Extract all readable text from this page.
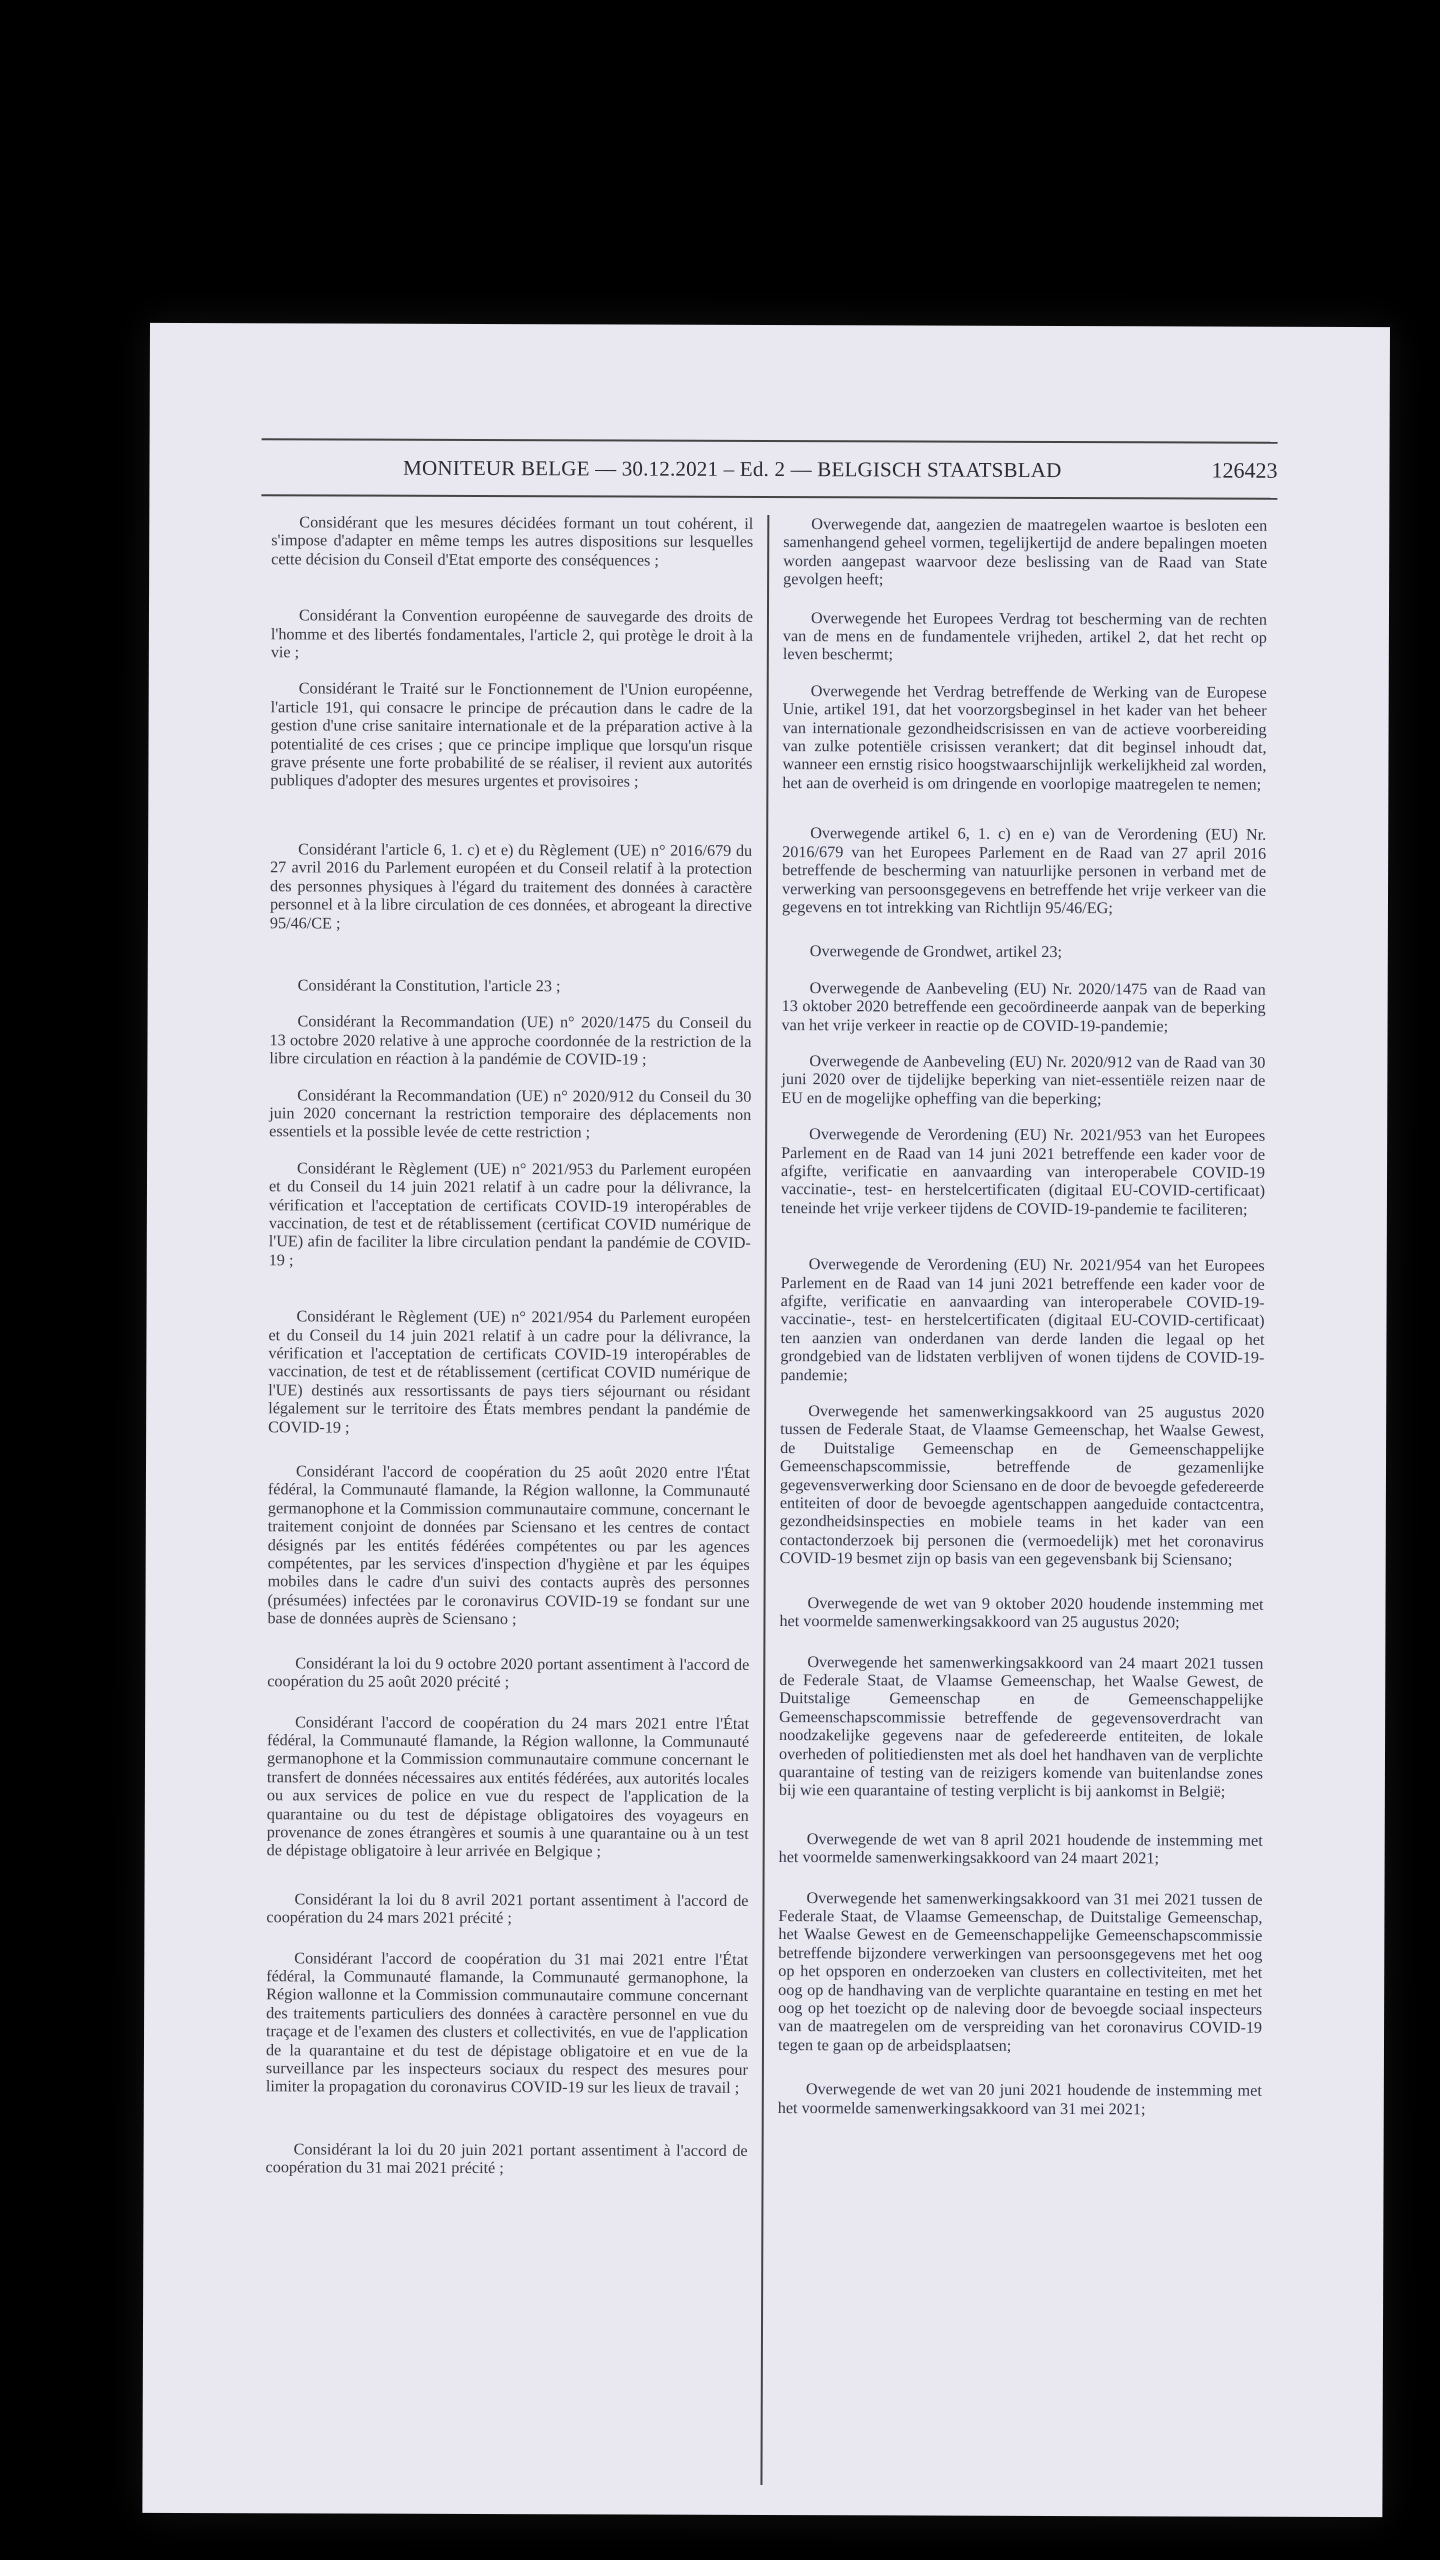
MONITEUR BELGE — 30.12.2021 – Ed. 2 — BELGISCH STAATSBLAD	126423

Considérant que les mesures décidées formant un tout cohérent, il s'impose d'adapter en même temps les autres dispositions sur lesquelles cette décision du Conseil d'Etat emporte des conséquences ;

Considérant la Convention européenne de sauvegarde des droits de l'homme et des libertés fondamentales, l'article 2, qui protège le droit à la vie ;

Considérant le Traité sur le Fonctionnement de l'Union européenne, l'article 191, qui consacre le principe de précaution dans le cadre de la gestion d'une crise sanitaire internationale et de la préparation active à la potentialité de ces crises ; que ce principe implique que lorsqu'un risque grave présente une forte probabilité de se réaliser, il revient aux autorités publiques d'adopter des mesures urgentes et provisoires ;

Considérant l'article 6, 1. c) et e) du Règlement (UE) n° 2016/679 du 27 avril 2016 du Parlement européen et du Conseil relatif à la protection des personnes physiques à l'égard du traitement des données à caractère personnel et à la libre circulation de ces données, et abrogeant la directive 95/46/CE ;

Considérant la Constitution, l'article 23 ;

Considérant la Recommandation (UE) n° 2020/1475 du Conseil du 13 octobre 2020 relative à une approche coordonnée de la restriction de la libre circulation en réaction à la pandémie de COVID-19 ;

Considérant la Recommandation (UE) n° 2020/912 du Conseil du 30 juin 2020 concernant la restriction temporaire des déplacements non essentiels et la possible levée de cette restriction ;

Considérant le Règlement (UE) n° 2021/953 du Parlement européen et du Conseil du 14 juin 2021 relatif à un cadre pour la délivrance, la vérification et l'acceptation de certificats COVID-19 interopérables de vaccination, de test et de rétablissement (certificat COVID numérique de l'UE) afin de faciliter la libre circulation pendant la pandémie de COVID-19 ;

Considérant le Règlement (UE) n° 2021/954 du Parlement européen et du Conseil du 14 juin 2021 relatif à un cadre pour la délivrance, la vérification et l'acceptation de certificats COVID-19 interopérables de vaccination, de test et de rétablissement (certificat COVID numérique de l'UE) destinés aux ressortissants de pays tiers séjournant ou résidant légalement sur le territoire des États membres pendant la pandémie de COVID-19 ;

Considérant l'accord de coopération du 25 août 2020 entre l'État fédéral, la Communauté flamande, la Région wallonne, la Communauté germanophone et la Commission communautaire commune, concernant le traitement conjoint de données par Sciensano et les centres de contact désignés par les entités fédérées compétentes ou par les agences compétentes, par les services d'inspection d'hygiène et par les équipes mobiles dans le cadre d'un suivi des contacts auprès des personnes (présumées) infectées par le coronavirus COVID-19 se fondant sur une base de données auprès de Sciensano ;

Considérant la loi du 9 octobre 2020 portant assentiment à l'accord de coopération du 25 août 2020 précité ;

Considérant l'accord de coopération du 24 mars 2021 entre l'État fédéral, la Communauté flamande, la Région wallonne, la Communauté germanophone et la Commission communautaire commune concernant le transfert de données nécessaires aux entités fédérées, aux autorités locales ou aux services de police en vue du respect de l'application de la quarantaine ou du test de dépistage obligatoires des voyageurs en provenance de zones étrangères et soumis à une quarantaine ou à un test de dépistage obligatoire à leur arrivée en Belgique ;

Considérant la loi du 8 avril 2021 portant assentiment à l'accord de coopération du 24 mars 2021 précité ;

Considérant l'accord de coopération du 31 mai 2021 entre l'État fédéral, la Communauté flamande, la Communauté germanophone, la Région wallonne et la Commission communautaire commune concernant des traitements particuliers des données à caractère personnel en vue du traçage et de l'examen des clusters et collectivités, en vue de l'application de la quarantaine et du test de dépistage obligatoire et en vue de la surveillance par les inspecteurs sociaux du respect des mesures pour limiter la propagation du coronavirus COVID-19 sur les lieux de travail ;

Considérant la loi du 20 juin 2021 portant assentiment à l'accord de coopération du 31 mai 2021 précité ;

Overwegende dat, aangezien de maatregelen waartoe is besloten een samenhangend geheel vormen, tegelijkertijd de andere bepalingen moeten worden aangepast waarvoor deze beslissing van de Raad van State gevolgen heeft;

Overwegende het Europees Verdrag tot bescherming van de rechten van de mens en de fundamentele vrijheden, artikel 2, dat het recht op leven beschermt;

Overwegende het Verdrag betreffende de Werking van de Europese Unie, artikel 191, dat het voorzorgsbeginsel in het kader van het beheer van internationale gezondheidscrisissen en van de actieve voorbereiding van zulke potentiële crisissen verankert; dat dit beginsel inhoudt dat, wanneer een ernstig risico hoogstwaarschijnlijk werkelijkheid zal worden, het aan de overheid is om dringende en voorlopige maatregelen te nemen;

Overwegende artikel 6, 1. c) en e) van de Verordening (EU) Nr. 2016/679 van het Europees Parlement en de Raad van 27 april 2016 betreffende de bescherming van natuurlijke personen in verband met de verwerking van persoonsgegevens en betreffende het vrije verkeer van die gegevens en tot intrekking van Richtlijn 95/46/EG;

Overwegende de Grondwet, artikel 23;

Overwegende de Aanbeveling (EU) Nr. 2020/1475 van de Raad van 13 oktober 2020 betreffende een gecoördineerde aanpak van de beperking van het vrije verkeer in reactie op de COVID-19-pandemie;

Overwegende de Aanbeveling (EU) Nr. 2020/912 van de Raad van 30 juni 2020 over de tijdelijke beperking van niet-essentiële reizen naar de EU en de mogelijke opheffing van die beperking;

Overwegende de Verordening (EU) Nr. 2021/953 van het Europees Parlement en de Raad van 14 juni 2021 betreffende een kader voor de afgifte, verificatie en aanvaarding van interoperabele COVID-19 vaccinatie-, test- en herstelcertificaten (digitaal EU-COVID-certificaat) teneinde het vrije verkeer tijdens de COVID-19-pandemie te faciliteren;

Overwegende de Verordening (EU) Nr. 2021/954 van het Europees Parlement en de Raad van 14 juni 2021 betreffende een kader voor de afgifte, verificatie en aanvaarding van interoperabele COVID-19-vaccinatie-, test- en herstelcertificaten (digitaal EU-COVID-certificaat) ten aanzien van onderdanen van derde landen die legaal op het grondgebied van de lidstaten verblijven of wonen tijdens de COVID-19-pandemie;

Overwegende het samenwerkingsakkoord van 25 augustus 2020 tussen de Federale Staat, de Vlaamse Gemeenschap, het Waalse Gewest, de Duitstalige Gemeenschap en de Gemeenschappelijke Gemeenschapscommissie, betreffende de gezamenlijke gegevensverwerking door Sciensano en de door de bevoegde gefedereerde entiteiten of door de bevoegde agentschappen aangeduide contactcentra, gezondheidsinspecties en mobiele teams in het kader van een contactonderzoek bij personen die (vermoedelijk) met het coronavirus COVID-19 besmet zijn op basis van een gegevensbank bij Sciensano;

Overwegende de wet van 9 oktober 2020 houdende instemming met het voormelde samenwerkingsakkoord van 25 augustus 2020;

Overwegende het samenwerkingsakkoord van 24 maart 2021 tussen de Federale Staat, de Vlaamse Gemeenschap, het Waalse Gewest, de Duitstalige Gemeenschap en de Gemeenschappelijke Gemeenschapscommissie betreffende de gegevensoverdracht van noodzakelijke gegevens naar de gefedereerde entiteiten, de lokale overheden of politiediensten met als doel het handhaven van de verplichte quarantaine of testing van de reizigers komende van buitenlandse zones bij wie een quarantaine of testing verplicht is bij aankomst in België;

Overwegende de wet van 8 april 2021 houdende de instemming met het voormelde samenwerkingsakkoord van 24 maart 2021;

Overwegende het samenwerkingsakkoord van 31 mei 2021 tussen de Federale Staat, de Vlaamse Gemeenschap, de Duitstalige Gemeenschap, het Waalse Gewest en de Gemeenschappelijke Gemeenschapscommissie betreffende bijzondere verwerkingen van persoonsgegevens met het oog op het opsporen en onderzoeken van clusters en collectiviteiten, met het oog op de handhaving van de verplichte quarantaine en testing en met het oog op het toezicht op de naleving door de bevoegde sociaal inspecteurs van de maatregelen om de verspreiding van het coronavirus COVID-19 tegen te gaan op de arbeidsplaatsen;

Overwegende de wet van 20 juni 2021 houdende de instemming met het voormelde samenwerkingsakkoord van 31 mei 2021;
